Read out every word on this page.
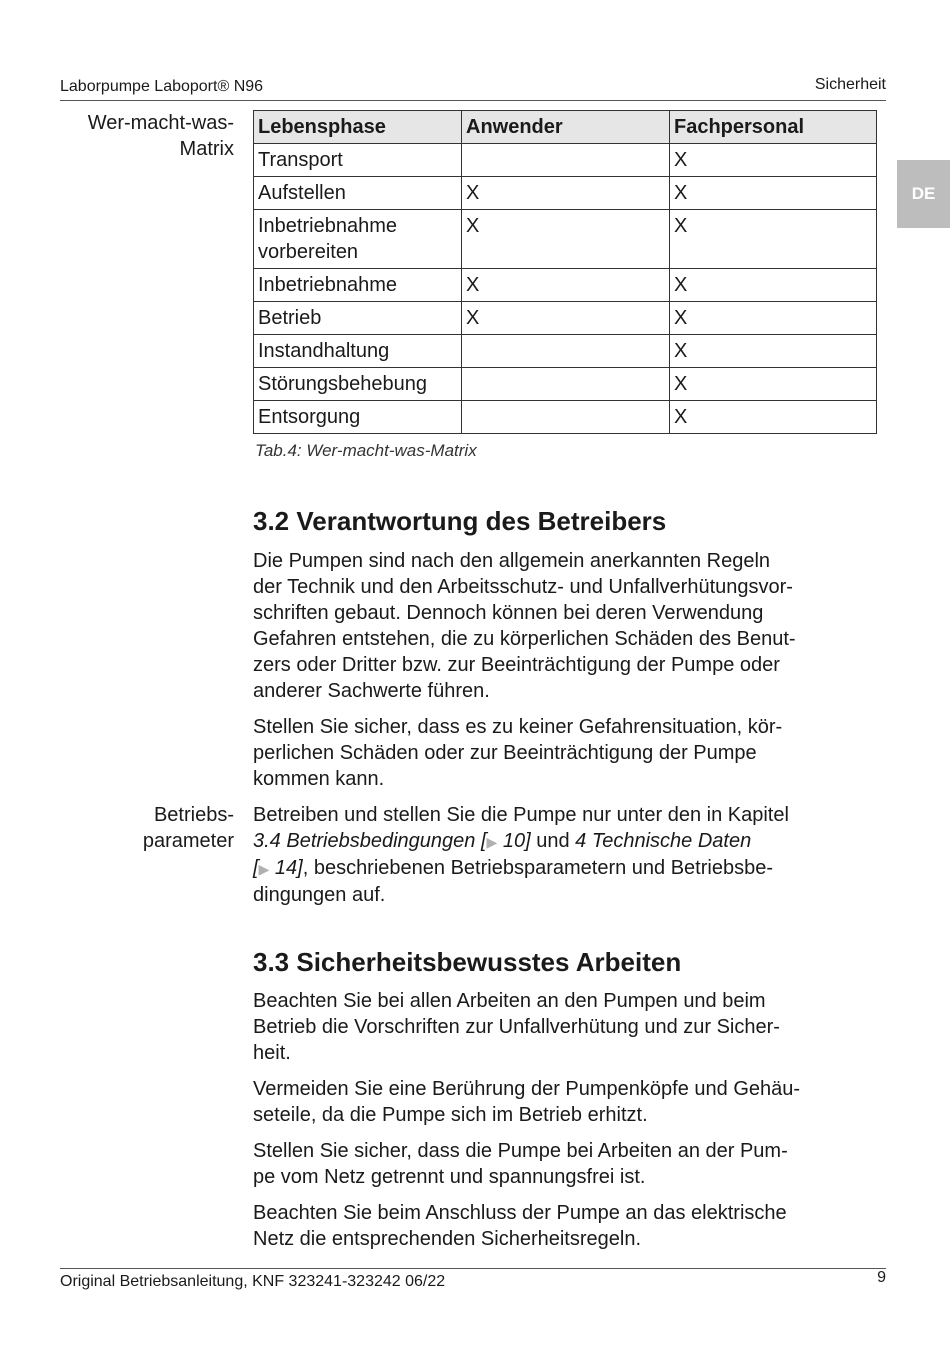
Laborpumpe Laboport® N96	Sicherheit
DE
Wer-macht-was-
Matrix
Lebensphase	Anwender	Fachpersonal
Transport		X
Aufstellen	X	X
Inbetriebnahme
vorbereiten	X	X
Inbetriebnahme	X	X
Betrieb	X	X
Instandhaltung		X
Störungsbehebung		X
Entsorgung		X
Tab.4: Wer-macht-was-Matrix
3.2 Verantwortung des Betreibers
Die Pumpen sind nach den allgemein anerkannten Regeln
der Technik und den Arbeitsschutz- und Unfallverhütungsvor-
schriften gebaut. Dennoch können bei deren Verwendung
Gefahren entstehen, die zu körperlichen Schäden des Benut-
zers oder Dritter bzw. zur Beeinträchtigung der Pumpe oder
anderer Sachwerte führen.
Stellen Sie sicher, dass es zu keiner Gefahrensituation, kör-
perlichen Schäden oder zur Beeinträchtigung der Pumpe
kommen kann.
Betriebs-
parameter
Betreiben und stellen Sie die Pumpe nur unter den in Kapitel
3.4 Betriebsbedingungen [▶ 10] und 4 Technische Daten
[▶ 14], beschriebenen Betriebsparametern und Betriebsbe-
dingungen auf.
3.3 Sicherheitsbewusstes Arbeiten
Beachten Sie bei allen Arbeiten an den Pumpen und beim
Betrieb die Vorschriften zur Unfallverhütung und zur Sicher-
heit.
Vermeiden Sie eine Berührung der Pumpenköpfe und Gehäu-
seteile, da die Pumpe sich im Betrieb erhitzt.
Stellen Sie sicher, dass die Pumpe bei Arbeiten an der Pum-
pe vom Netz getrennt und spannungsfrei ist.
Beachten Sie beim Anschluss der Pumpe an das elektrische
Netz die entsprechenden Sicherheitsregeln.
Original Betriebsanleitung, KNF 323241-323242 06/22	9
